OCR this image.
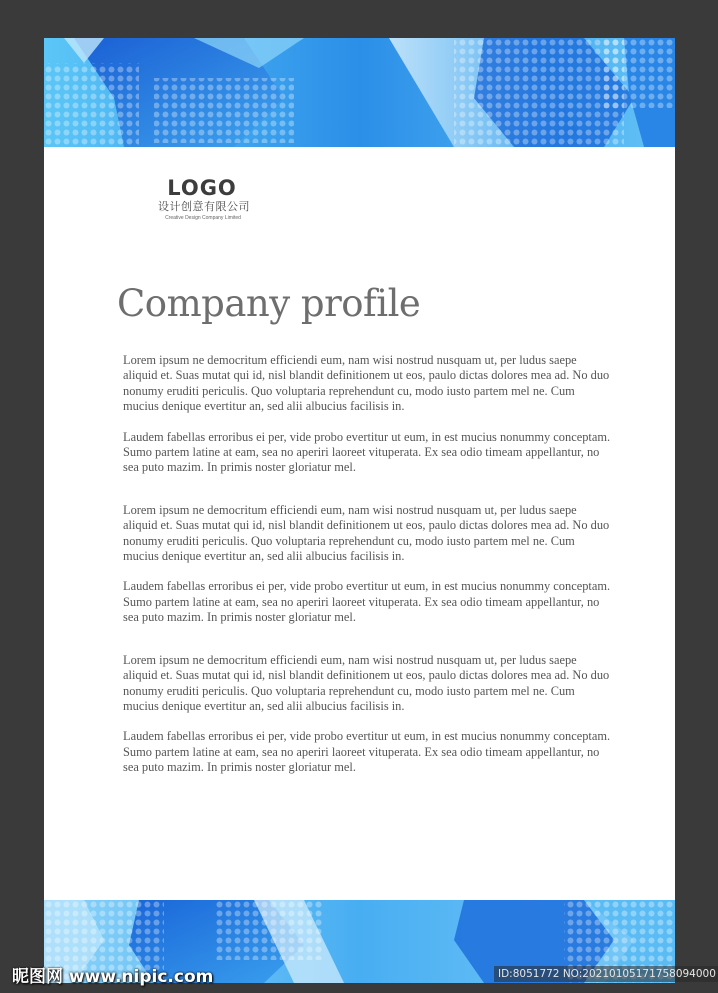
LOGO
设计创意有限公司
Creative Design Company Limited
Company profile

Lorem ipsum ne democritum efficiendi eum, nam wisi nostrud nusquam ut, per ludus saepe aliquid et. Suas mutat qui id, nisl blandit definitionem ut eos, paulo dictas dolores mea ad. No duo nonumy eruditi periculis. Quo voluptaria reprehendunt cu, modo iusto partem mel ne. Cum mucius denique evertitur an, sed alii albucius facilisis in.

Laudem fabellas erroribus ei per, vide probo evertitur ut eum, in est mucius nonummy conceptam. Sumo partem latine at eam, sea no aperiri laoreet vituperata. Ex sea odio timeam appellantur, no sea puto mazim. In primis noster gloriatur mel.

Lorem ipsum ne democritum efficiendi eum, nam wisi nostrud nusquam ut, per ludus saepe aliquid et. Suas mutat qui id, nisl blandit definitionem ut eos, paulo dictas dolores mea ad. No duo nonumy eruditi periculis. Quo voluptaria reprehendunt cu, modo iusto partem mel ne. Cum mucius denique evertitur an, sed alii albucius facilisis in.

Laudem fabellas erroribus ei per, vide probo evertitur ut eum, in est mucius nonummy conceptam. Sumo partem latine at eam, sea no aperiri laoreet vituperata. Ex sea odio timeam appellantur, no sea puto mazim. In primis noster gloriatur mel.

Lorem ipsum ne democritum efficiendi eum, nam wisi nostrud nusquam ut, per ludus saepe aliquid et. Suas mutat qui id, nisl blandit definitionem ut eos, paulo dictas dolores mea ad. No duo nonumy eruditi periculis. Quo voluptaria reprehendunt cu, modo iusto partem mel ne. Cum mucius denique evertitur an, sed alii albucius facilisis in.

Laudem fabellas erroribus ei per, vide probo evertitur ut eum, in est mucius nonummy conceptam. Sumo partem latine at eam, sea no aperiri laoreet vituperata. Ex sea odio timeam appellantur, no sea puto mazim. In primis noster gloriatur mel.

昵图网 www.nipic.com	ID:8051772 NO:20210105171758094000
